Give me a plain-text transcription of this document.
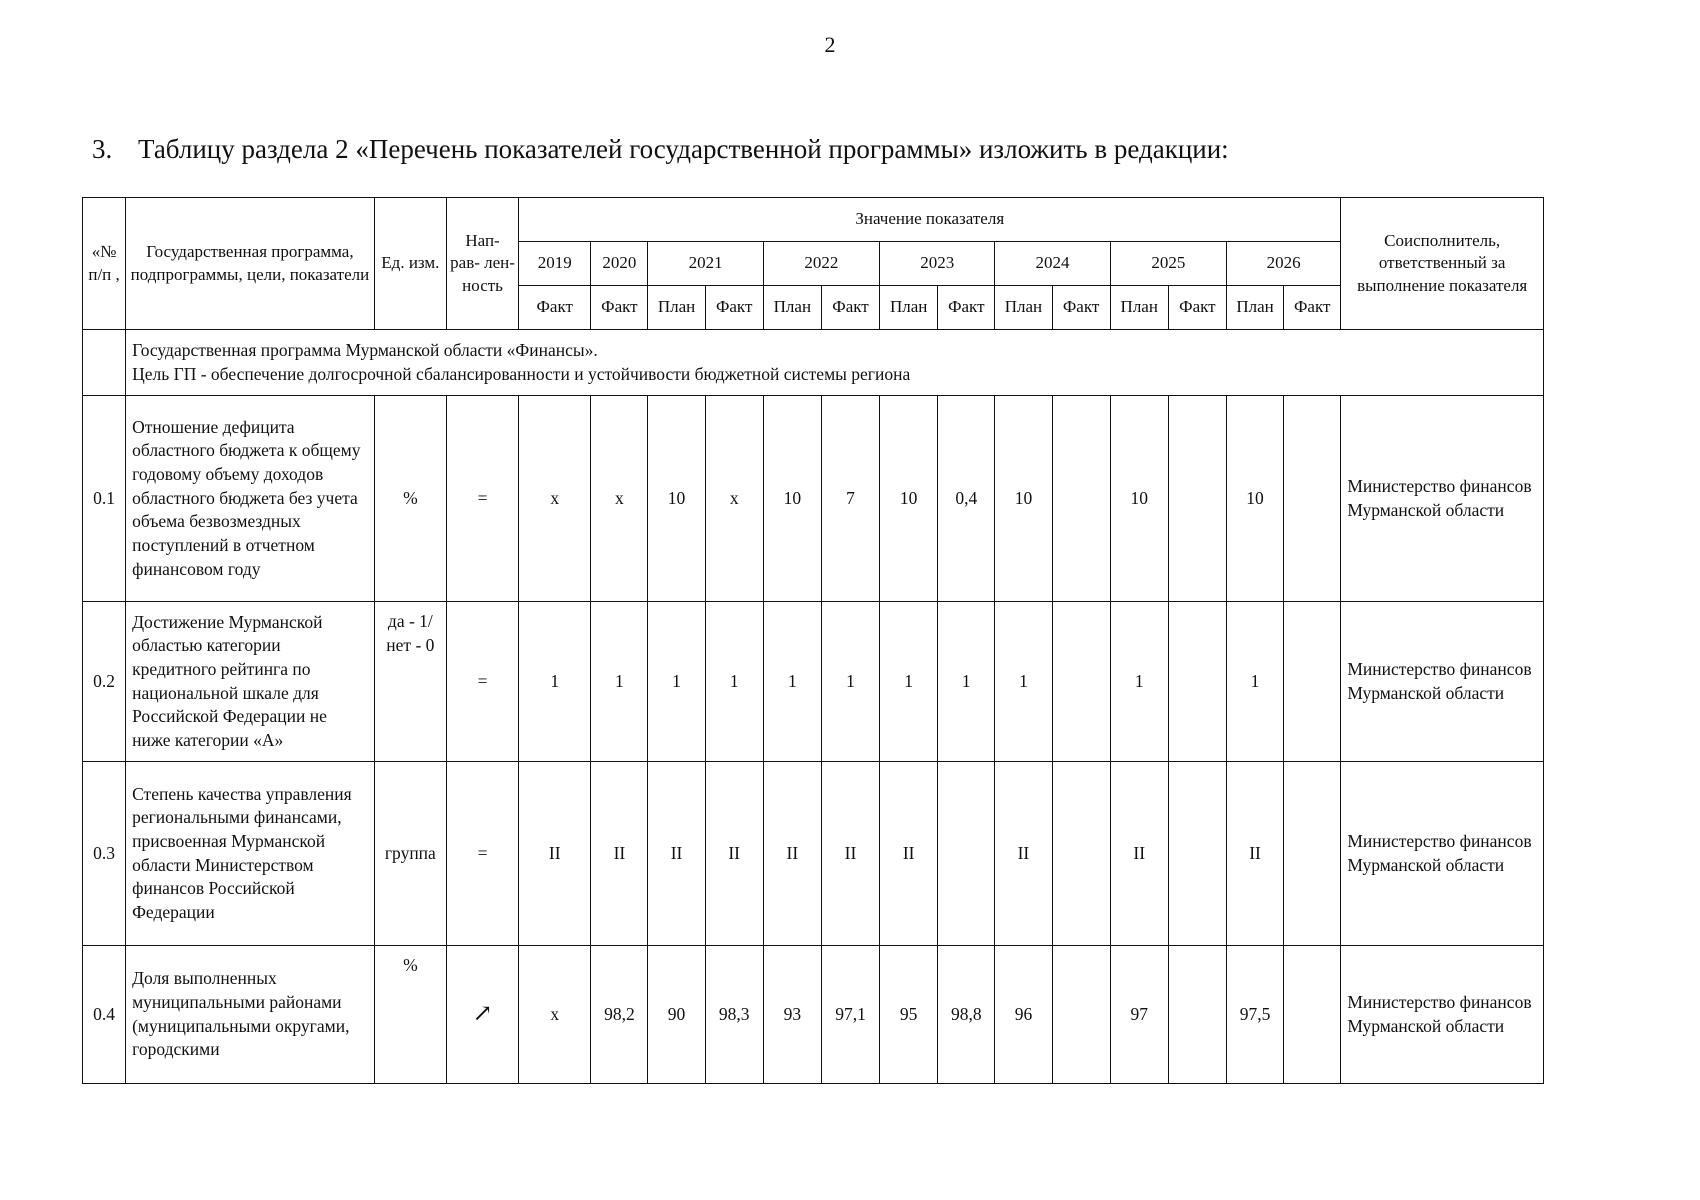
2
3. Таблицу раздела 2 «Перечень показателей государственной программы» изложить в редакции:
«№ п/п ,	Государственная программа, подпрограммы, цели, показатели	Ед. изм.	Нап- рав- лен- ность	Значение показателя														Соисполнитель, ответственный за выполнение показателя
				2019	2020	2021		2022		2023		2024		2025		2026		
				Факт	Факт	План	Факт	План	Факт	План	Факт	План	Факт	План	Факт	План	Факт	

	Государственная программа Мурманской области «Финансы».
Цель ГП - обеспечение долгосрочной сбалансированности и устойчивости бюджетной системы региона																	

0.1	Отношение дефицита областного бюджета к общему годовому объему доходов областного бюджета без учета объема безвозмездных поступлений в отчетном финансовом году	%	=	х	х	10	х	10	7	10	0,4	10		10		10		Министерство финансов Мурманской области
0.2	Достижение Мурманской областью категории кредитного рейтинга по национальной шкале для Российской Федерации не ниже категории «А»	да - 1/нет - 0	=	1	1	1	1	1	1	1	1	1		1		1		Министерство финансов Мурманской области
0.3	Степень качества управления региональными финансами, присвоенная Мурманской области Министерством финансов Российской Федерации	группа	=	II	II	II	II	II	II	II		II		II		II		Министерство финансов Мурманской области
0.4	Доля выполненных муниципальными районами (муниципальными округами, городскими	%	↗	х	98,2	90	98,3	93	97,1	95	98,8	96		97		97,5		Министерство финансов Мурманской области
